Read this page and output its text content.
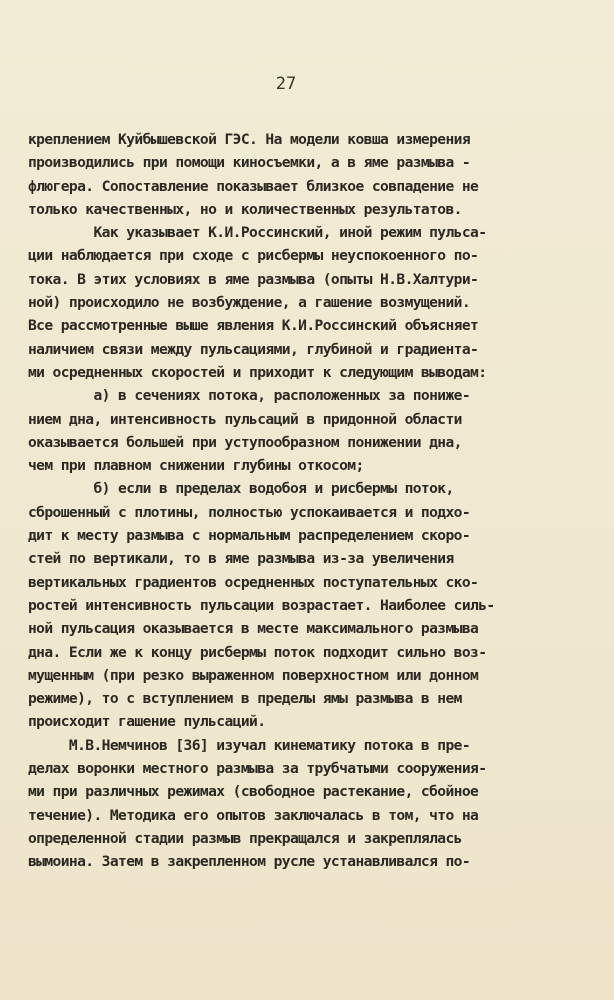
27
креплением Куйбышевской ГЭС. На модели ковша измерения
производились при помощи киносъемки, а в яме размыва -
флюгера. Сопоставление показывает близкое совпадение не
только качественных, но и количественных результатов.
Как указывает К.И.Россинский, иной режим пульса-
ции наблюдается при сходе с рисбермы неуспокоенного по-
тока. В этих условиях в яме размыва (опыты Н.В.Халтури-
ной) происходило не возбуждение, а гашение возмущений.
Все рассмотренные выше явления К.И.Россинский объясняет
наличием связи между пульсациями, глубиной и градиента-
ми осредненных скоростей и приходит к следующим выводам:
а) в сечениях потока, расположенных за понижe-
нием дна, интенсивность пульсаций в придонной области
оказывается большей при уступообразном понижении дна,
чем при плавном снижении глубины откосом;
б) если в пределах водобоя и рисбермы поток,
сброшенный с плотины, полностью успокаивается и подхо-
дит к месту размыва с нормальным распределением скоро-
стей по вертикали, то в яме размыва из-за увеличения
вертикальных градиентов осредненных поступательных ско-
ростей интенсивность пульсации возрастает. Наиболее силь-
ной пульсация оказывается в месте максимального размыва
дна. Если же к концу рисбермы поток подходит сильно воз-
мущенным (при резко выраженном поверхностном или донном
режиме), то с вступлением в пределы ямы размыва в нем
происходит гашение пульсаций.
М.В.Немчинов [36] изучал кинематику потока в пре-
делах воронки местного размыва за трубчатыми сооружения-
ми при различных режимах (свободное растекание, сбойное
течение). Методика его опытов заключалась в том, что на
определенной стадии размыв прекращался и закреплялась
вымоина. Затем в закрепленном русле устанавливался по-
